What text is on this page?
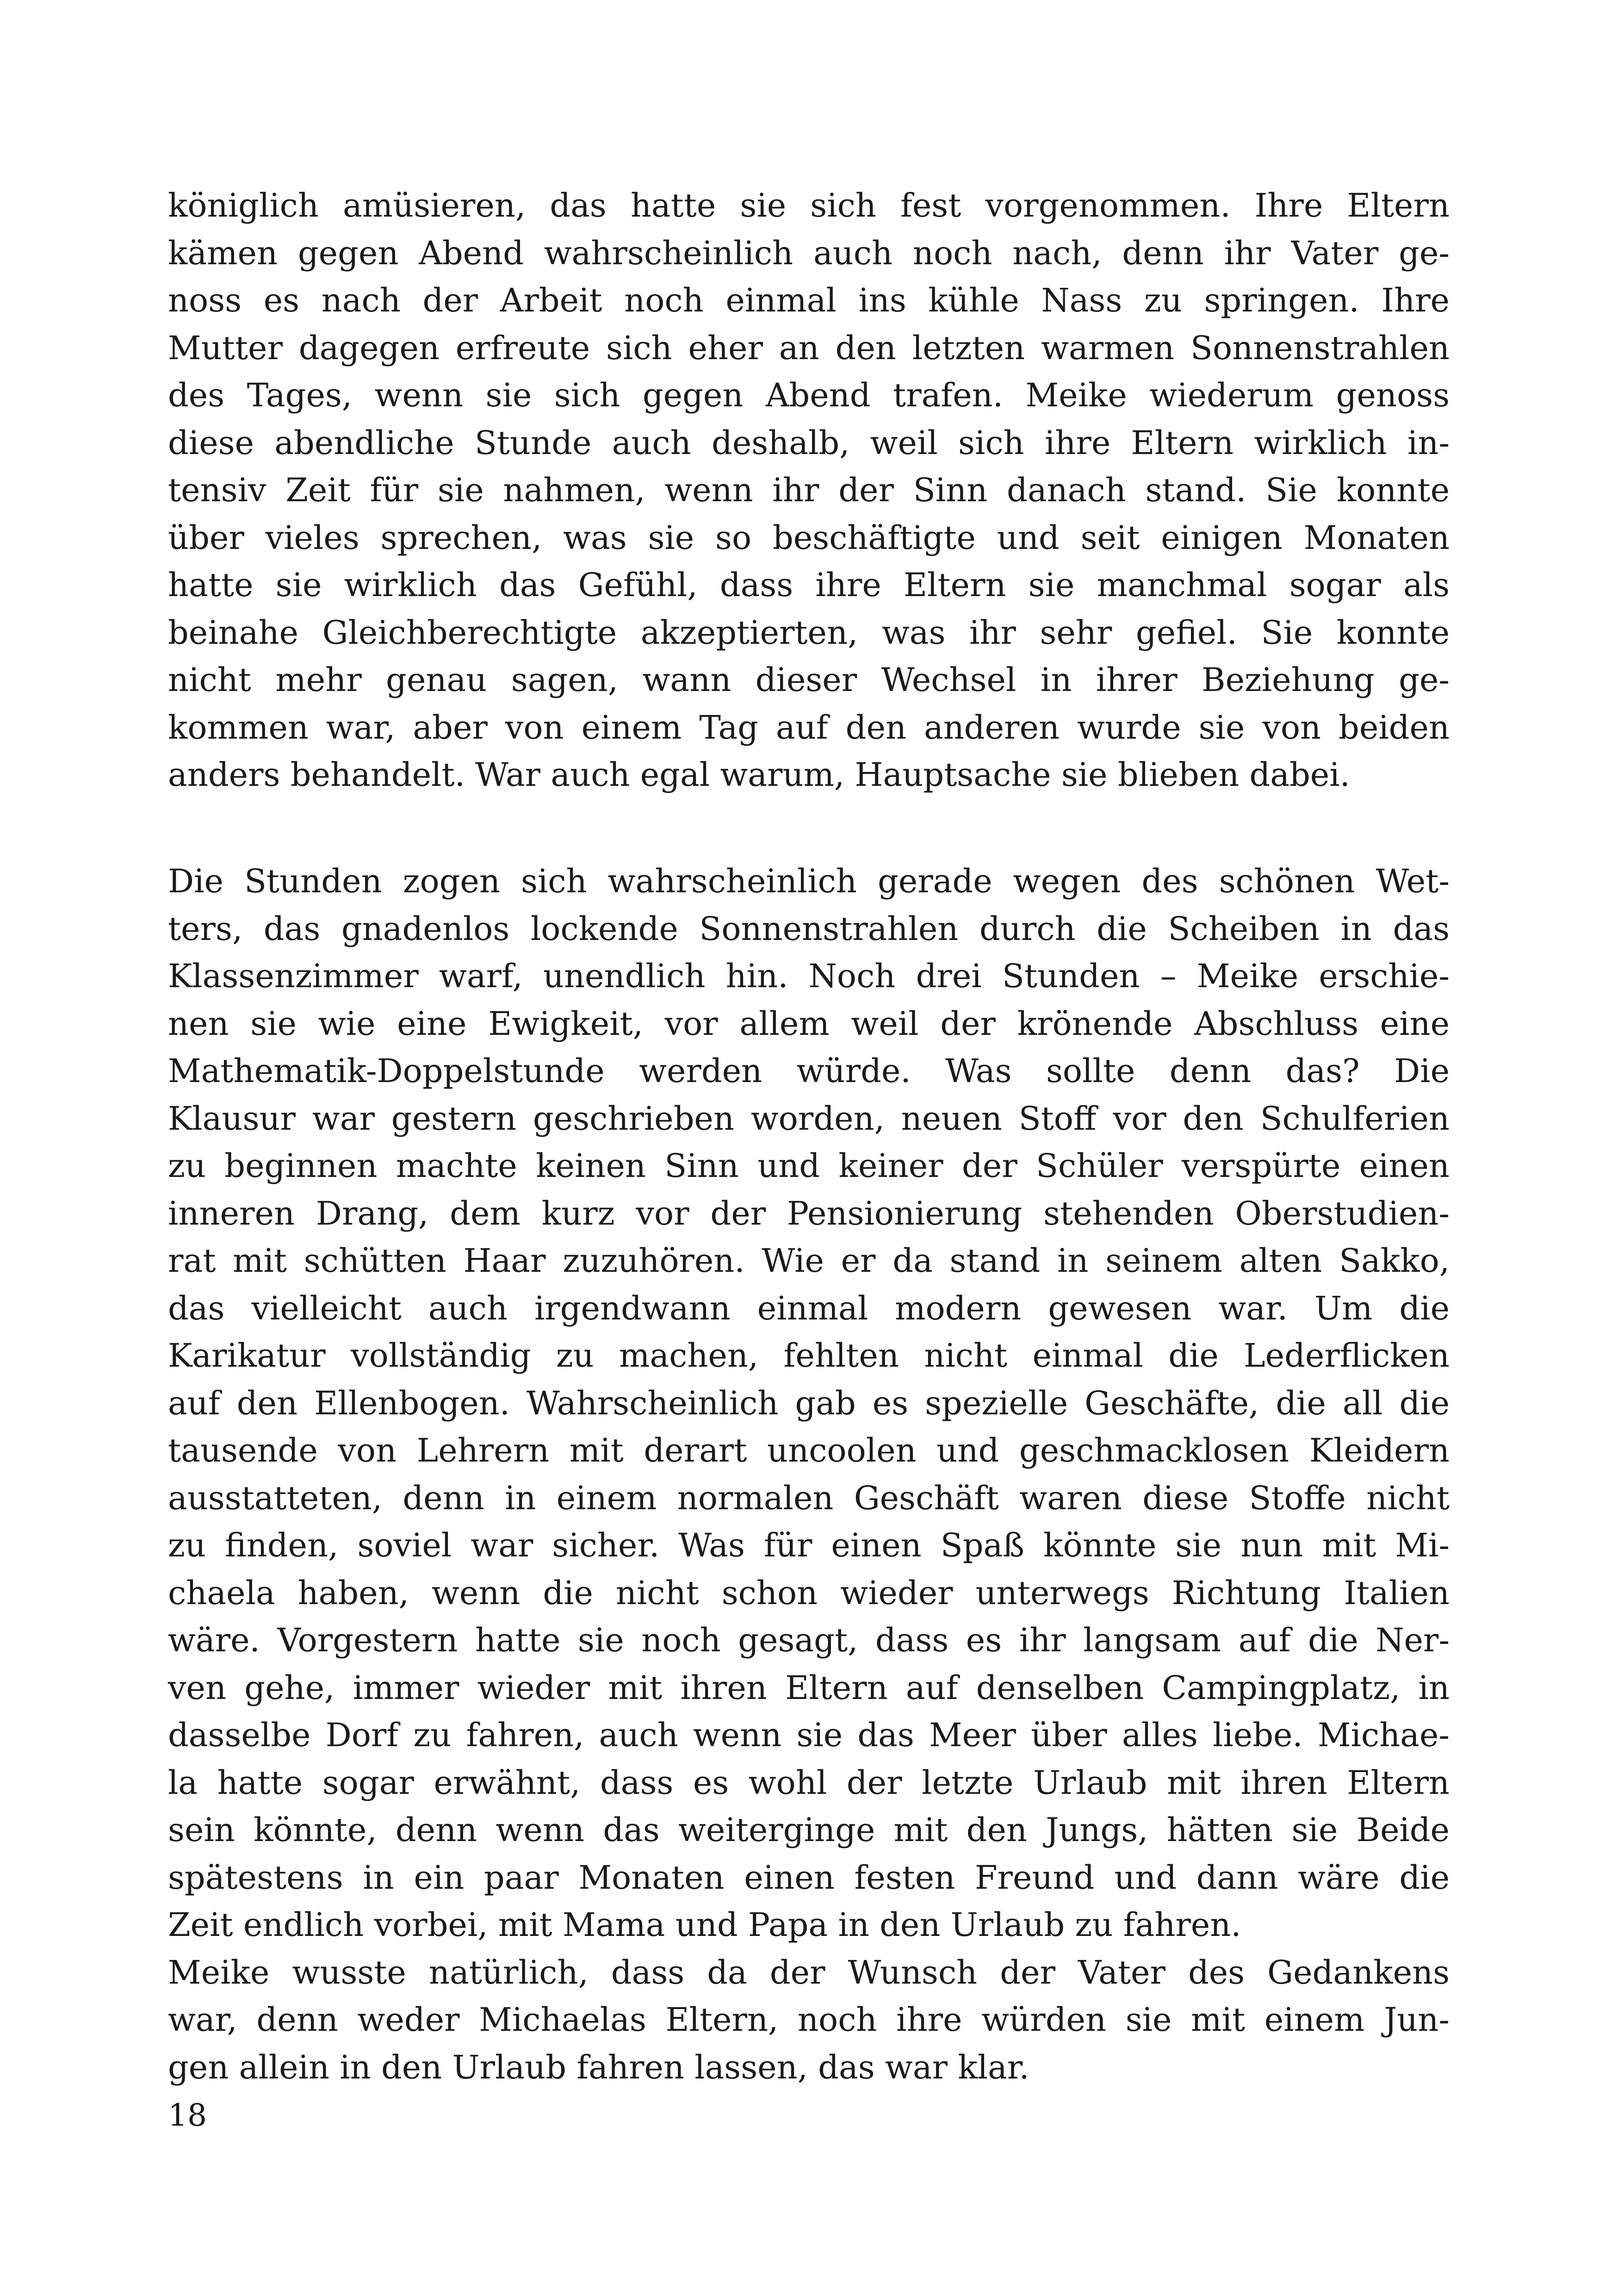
königlich amüsieren, das hatte sie sich fest vorgenommen. Ihre Eltern
kämen gegen Abend wahrscheinlich auch noch nach, denn ihr Vater ge-
noss es nach der Arbeit noch einmal ins kühle Nass zu springen. Ihre
Mutter dagegen erfreute sich eher an den letzten warmen Sonnenstrahlen
des Tages, wenn sie sich gegen Abend trafen. Meike wiederum genoss
diese abendliche Stunde auch deshalb, weil sich ihre Eltern wirklich in-
tensiv Zeit für sie nahmen, wenn ihr der Sinn danach stand. Sie konnte
über vieles sprechen, was sie so beschäftigte und seit einigen Monaten
hatte sie wirklich das Gefühl, dass ihre Eltern sie manchmal sogar als
beinahe Gleichberechtigte akzeptierten, was ihr sehr gefiel. Sie konnte
nicht mehr genau sagen, wann dieser Wechsel in ihrer Beziehung ge-
kommen war, aber von einem Tag auf den anderen wurde sie von beiden
anders behandelt. War auch egal warum, Hauptsache sie blieben dabei.
Die Stunden zogen sich wahrscheinlich gerade wegen des schönen Wet-
ters, das gnadenlos lockende Sonnenstrahlen durch die Scheiben in das
Klassenzimmer warf, unendlich hin. Noch drei Stunden – Meike erschie-
nen sie wie eine Ewigkeit, vor allem weil der krönende Abschluss eine
Mathematik-Doppelstunde werden würde. Was sollte denn das? Die
Klausur war gestern geschrieben worden, neuen Stoff vor den Schulferien
zu beginnen machte keinen Sinn und keiner der Schüler verspürte einen
inneren Drang, dem kurz vor der Pensionierung stehenden Oberstudien-
rat mit schütten Haar zuzuhören. Wie er da stand in seinem alten Sakko,
das vielleicht auch irgendwann einmal modern gewesen war. Um die
Karikatur vollständig zu machen, fehlten nicht einmal die Lederflicken
auf den Ellenbogen. Wahrscheinlich gab es spezielle Geschäfte, die all die
tausende von Lehrern mit derart uncoolen und geschmacklosen Kleidern
ausstatteten, denn in einem normalen Geschäft waren diese Stoffe nicht
zu finden, soviel war sicher. Was für einen Spaß könnte sie nun mit Mi-
chaela haben, wenn die nicht schon wieder unterwegs Richtung Italien
wäre. Vorgestern hatte sie noch gesagt, dass es ihr langsam auf die Ner-
ven gehe, immer wieder mit ihren Eltern auf denselben Campingplatz, in
dasselbe Dorf zu fahren, auch wenn sie das Meer über alles liebe. Michae-
la hatte sogar erwähnt, dass es wohl der letzte Urlaub mit ihren Eltern
sein könnte, denn wenn das weiterginge mit den Jungs, hätten sie Beide
spätestens in ein paar Monaten einen festen Freund und dann wäre die
Zeit endlich vorbei, mit Mama und Papa in den Urlaub zu fahren.
Meike wusste natürlich, dass da der Wunsch der Vater des Gedankens
war, denn weder Michaelas Eltern, noch ihre würden sie mit einem Jun-
gen allein in den Urlaub fahren lassen, das war klar.
18
